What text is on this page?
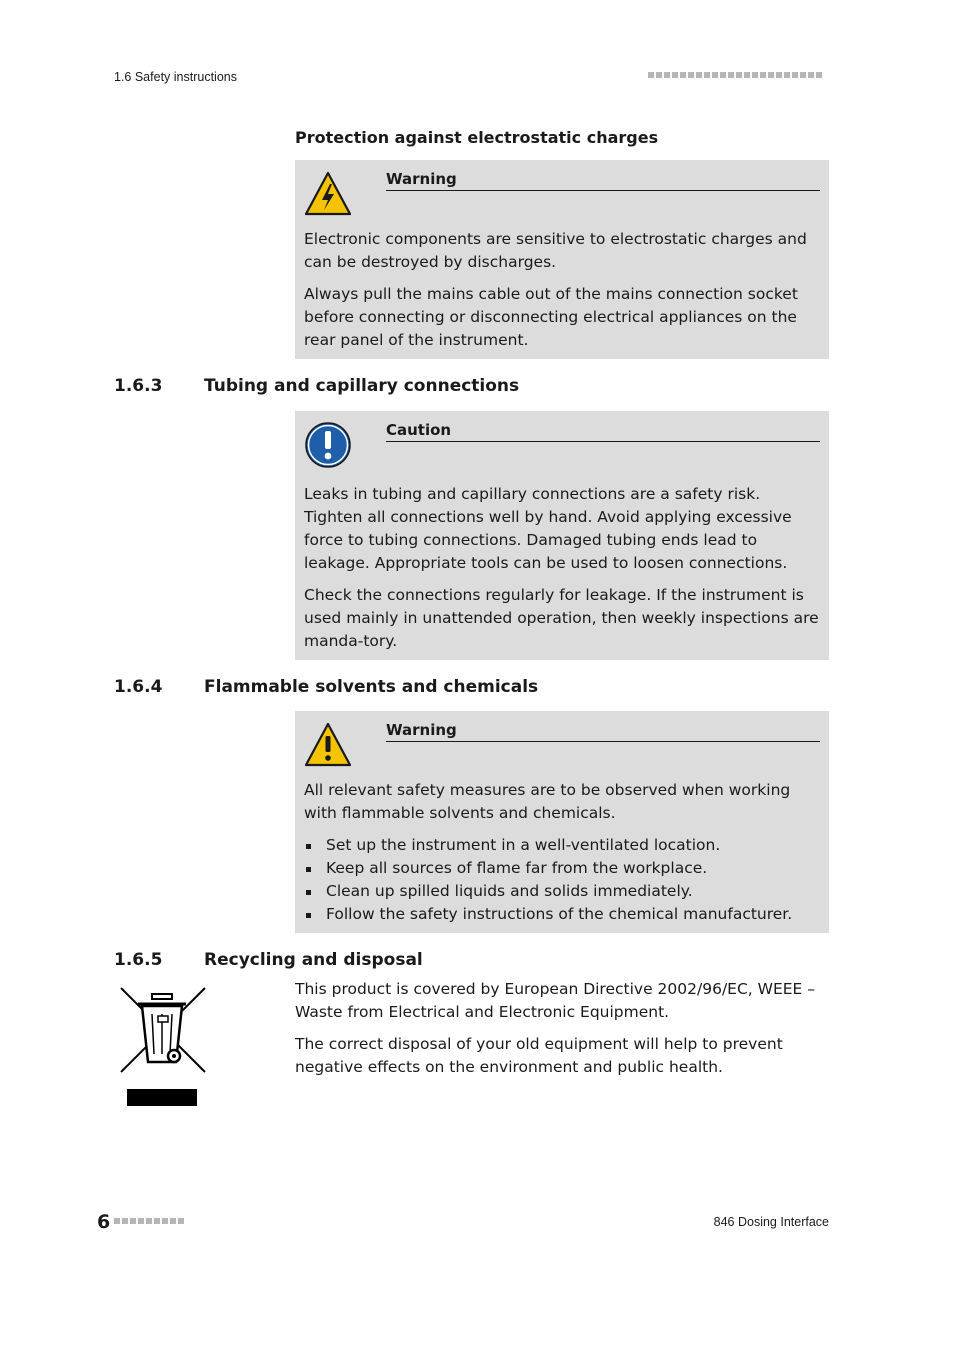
1.6 Safety instructions
Protection against electrostatic charges
Warning

Electronic components are sensitive to electrostatic charges and can be destroyed by discharges.

Always pull the mains cable out of the mains connection socket before connecting or disconnecting electrical appliances on the rear panel of the instrument.

1.6.3 Tubing and capillary connections
Caution

Leaks in tubing and capillary connections are a safety risk. Tighten all connections well by hand. Avoid applying excessive force to tubing connections. Damaged tubing ends lead to leakage. Appropriate tools can be used to loosen connections.

Check the connections regularly for leakage. If the instrument is used mainly in unattended operation, then weekly inspections are manda-tory.

1.6.4 Flammable solvents and chemicals
Warning

All relevant safety measures are to be observed when working with flammable solvents and chemicals.

Set up the instrument in a well-ventilated location.
Keep all sources of flame far from the workplace.
Clean up spilled liquids and solids immediately.
Follow the safety instructions of the chemical manufacturer.
1.6.5 Recycling and disposal

This product is covered by European Directive 2002/96/EC, WEEE – Waste from Electrical and Electronic Equipment.

The correct disposal of your old equipment will help to prevent negative effects on the environment and public health.

6	846 Dosing Interface
